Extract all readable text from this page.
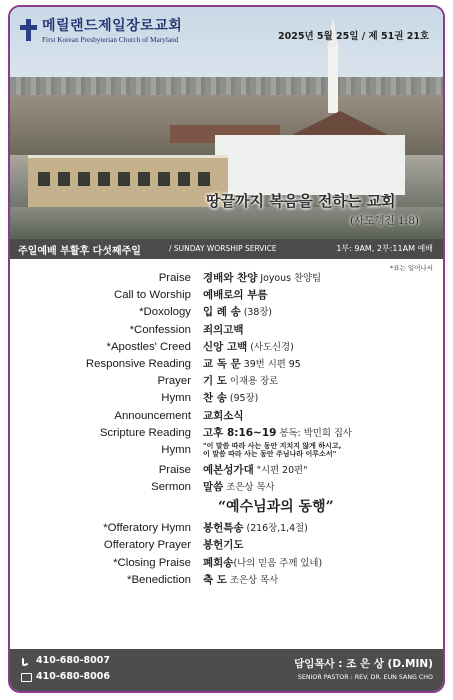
메릴랜드제일장로교회
First Korean Presbyterian Church of Maryland	2025년 5월 25일 / 제 51권 21호
땅끝까지 복음을 전하는 교회
(사도행전 1:8)
주일예배 부활후 다섯째주일	/ SUNDAY WORSHIP SERVICE	1부: 9AM, 2부:11AM 예배
*표는 일어나서
Praise 경배와 찬양 Joyous 찬양팀
Call to Worship 예배로의 부름
*Doxology 입 례 송 (38장)
*Confession 죄의고백
*Apostles' Creed 신앙 고백 (사도신경)
Responsive Reading 교 독 문 39번 시편 95
Prayer 기 도 이재용 장로
Hymn 찬 송 (95장)
Announcement 교회소식
Scripture Reading 고후 8:16~19 봉독: 박민희 집사
Hymn "이 말씀 따라 사는 동안 지치지 않게 하시고,
이 말씀 따라 사는 동안 주님나라 이루소서"
Praise 예본성가대 "시편 20편"
Sermon 말씀 조은상 목사
“예수님과의 동행”
*Offeratory Hymn 봉헌특송 (216장,1,4절)
Offeratory Prayer 봉헌기도
*Closing Praise 폐회송(나의 믿음 주께 있네)
*Benediction 축 도 조은상 목사
410-680-8007
410-680-8006
담임목사 : 조 은 상 (D.MIN)
SENIOR PASTOR : REV. DR. EUN SANG CHO
